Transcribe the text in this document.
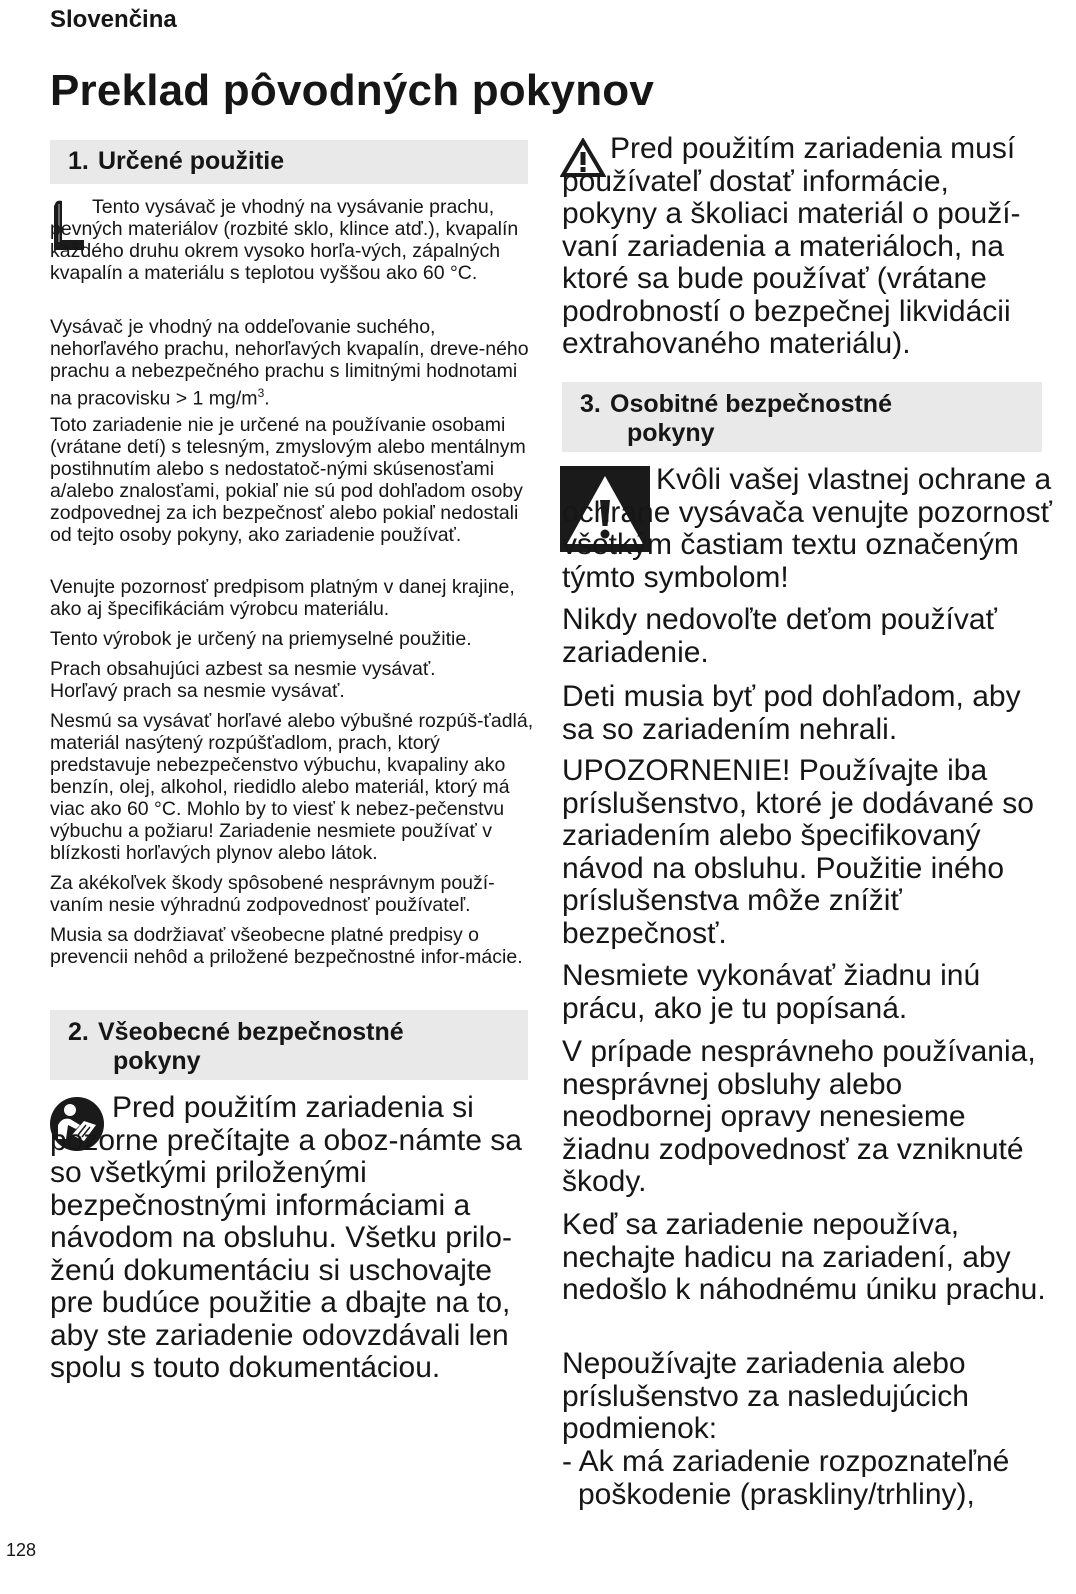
Slovenčina
Preklad pôvodných pokynov
1. Určené použitie

Tento vysávač je vhodný na vysávanie prachu, pevných materiálov (rozbité sklo, klince atď.), kvapalín každého druhu okrem vysoko horľa-vých, zápalných kvapalín a materiálu s teplotou vyššou ako 60 °C.

Vysávač je vhodný na oddeľovanie suchého, nehorľavého prachu, nehorľavých kvapalín, dreve-ného prachu a nebezpečného prachu s limitnými hodnotami na pracovisku > 1 $mg/m^3$.

Toto zariadenie nie je určené na používanie osobami (vrátane detí) s telesným, zmyslovým alebo mentálnym postihnutím alebo s nedostatoč-nými skúsenosťami a/alebo znalosťami, pokiaľ nie sú pod dohľadom osoby zodpovednej za ich bezpečnosť alebo pokiaľ nedostali od tejto osoby pokyny, ako zariadenie používať.

Venujte pozornosť predpisom platným v danej krajine, ako aj špecifikáciám výrobcu materiálu.

Tento výrobok je určený na priemyselné použitie.

Prach obsahujúci azbest sa nesmie vysávať. Horľavý prach sa nesmie vysávať.

Nesmú sa vysávať horľavé alebo výbušné rozpúš-ťadlá, materiál nasýtený rozpúšťadlom, prach, ktorý predstavuje nebezpečenstvo výbuchu, kvapaliny ako benzín, olej, alkohol, riedidlo alebo materiál, ktorý má viac ako 60 °C. Mohlo by to viesť k nebez-pečenstvu výbuchu a požiaru! Zariadenie nesmiete používať v blízkosti horľavých plynov alebo látok.

Za akékoľvek škody spôsobené nesprávnym použí-vaním nesie výhradnú zodpovednosť používateľ.

Musia sa dodržiavať všeobecne platné predpisy o prevencii nehôd a priložené bezpečnostné infor-mácie.

2. Všeobecné bezpečnostné
pokyny

Pred použitím zariadenia si pozorne prečítajte a oboz-námte sa so všetkými priloženými bezpečnostnými informáciami a návodom na obsluhu. Všetku prilo-ženú dokumentáciu si uschovajte pre budúce použitie a dbajte na to, aby ste zariadenie odovzdávali len spolu s touto dokumentáciou.

Pred použitím zariadenia musí používateľ dostať informácie, pokyny a školiaci materiál o použí-vaní zariadenia a materiáloch, na ktoré sa bude používať (vrátane podrobností o bezpečnej likvidácii extrahovaného materiálu).

3. Osobitné bezpečnostné
pokyny

Kvôli vašej vlastnej ochrane a ochrane vysávača venujte pozornosť všetkým častiam textu označeným týmto symbolom!

Nikdy nedovoľte deťom používať zariadenie.

Deti musia byť pod dohľadom, aby sa so zariadením nehrali.

UPOZORNENIE! Používajte iba príslušenstvo, ktoré je dodávané so zariadením alebo špecifikovaný návod na obsluhu. Použitie iného príslušenstva môže znížiť bezpečnosť.

Nesmiete vykonávať žiadnu inú prácu, ako je tu popísaná.

V prípade nesprávneho používania, nesprávnej obsluhy alebo neodbornej opravy nenesieme žiadnu zodpovednosť za vzniknuté škody.

Keď sa zariadenie nepoužíva, nechajte hadicu na zariadení, aby nedošlo k náhodnému úniku prachu.

Nepoužívajte zariadenia alebo príslušenstvo za nasledujúcich podmienok:

- Ak má zariadenie rozpoznateľné poškodenie (praskliny/trhliny),

128
